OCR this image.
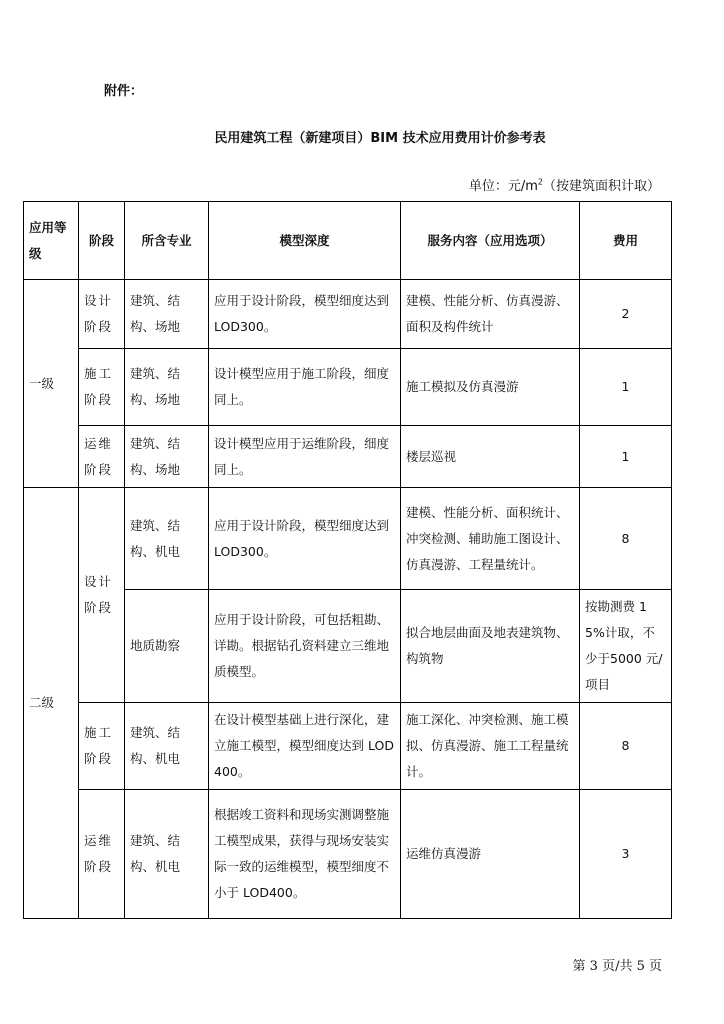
附件：
民用建筑工程（新建项目）BIM 技术应用费用计价参考表
单位：元$/m^2$（按建筑面积计取）
应用等级	阶段	所含专业	模型深度	服务内容（应用选项）	费用
一级	设计阶段	建筑、结构、场地	应用于设计阶段，模型细度达到 LOD300。	建模、性能分析、仿真漫游、面积及构件统计	2
	施工阶段	建筑、结构、场地	设计模型应用于施工阶段，细度同上。	施工模拟及仿真漫游	1
	运维阶段	建筑、结构、场地	设计模型应用于运维阶段，细度同上。	楼层巡视	1
二级	设计阶段	建筑、结构、机电	应用于设计阶段，模型细度达到 LOD300。	建模、性能分析、面积统计、冲突检测、辅助施工图设计、仿真漫游、工程量统计。	8
		地质勘察	应用于设计阶段，可包括粗勘、详勘。根据钻孔资料建立三维地质模型。	拟合地层曲面及地表建筑物、构筑物	按勘测费 15%计取，不少于5000 元/项目
	施工阶段	建筑、结构、机电	在设计模型基础上进行深化，建立施工模型，模型细度达到 LOD400。	施工深化、冲突检测、施工模拟、仿真漫游、施工工程量统计。	8
	运维阶段	建筑、结构、机电	根据竣工资料和现场实测调整施工模型成果，获得与现场安装实际一致的运维模型，模型细度不小于 LOD400。	运维仿真漫游	3
第 3 页/共 5 页
